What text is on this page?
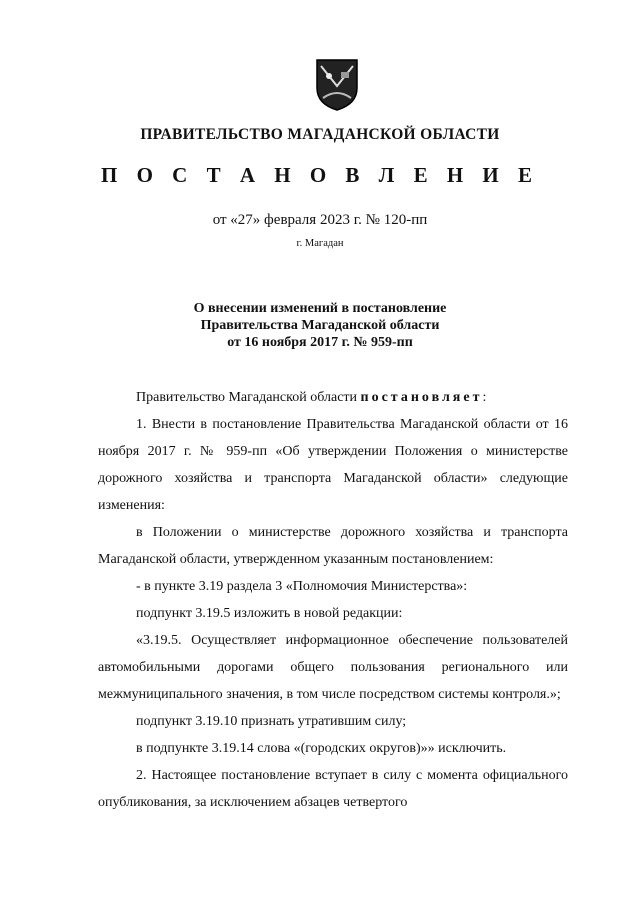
ПРАВИТЕЛЬСТВО МАГАДАНСКОЙ ОБЛАСТИ
П О С Т А Н О В Л Е Н И Е
от «27» февраля 2023 г. № 120-пп
г. Магадан
О внесении изменений в постановление
Правительства Магаданской области
от 16 ноября 2017 г. № 959-пп

Правительство Магаданской области постановляет:

1. Внести в постановление Правительства Магаданской области от 16 ноября 2017 г. № 959-пп «Об утверждении Положения о министерстве дорожного хозяйства и транспорта Магаданской области» следующие изменения:

в Положении о министерстве дорожного хозяйства и транспорта Магаданской области, утвержденном указанным постановлением:

- в пункте 3.19 раздела 3 «Полномочия Министерства»:

подпункт 3.19.5 изложить в новой редакции:

«3.19.5. Осуществляет информационное обеспечение пользователей автомобильными дорогами общего пользования регионального или межмуниципального значения, в том числе посредством системы контроля.»;

подпункт 3.19.10 признать утратившим силу;

в подпункте 3.19.14 слова «(городских округов)»» исключить.

2. Настоящее постановление вступает в силу с момента официального опубликования, за исключением абзацев четвертого
